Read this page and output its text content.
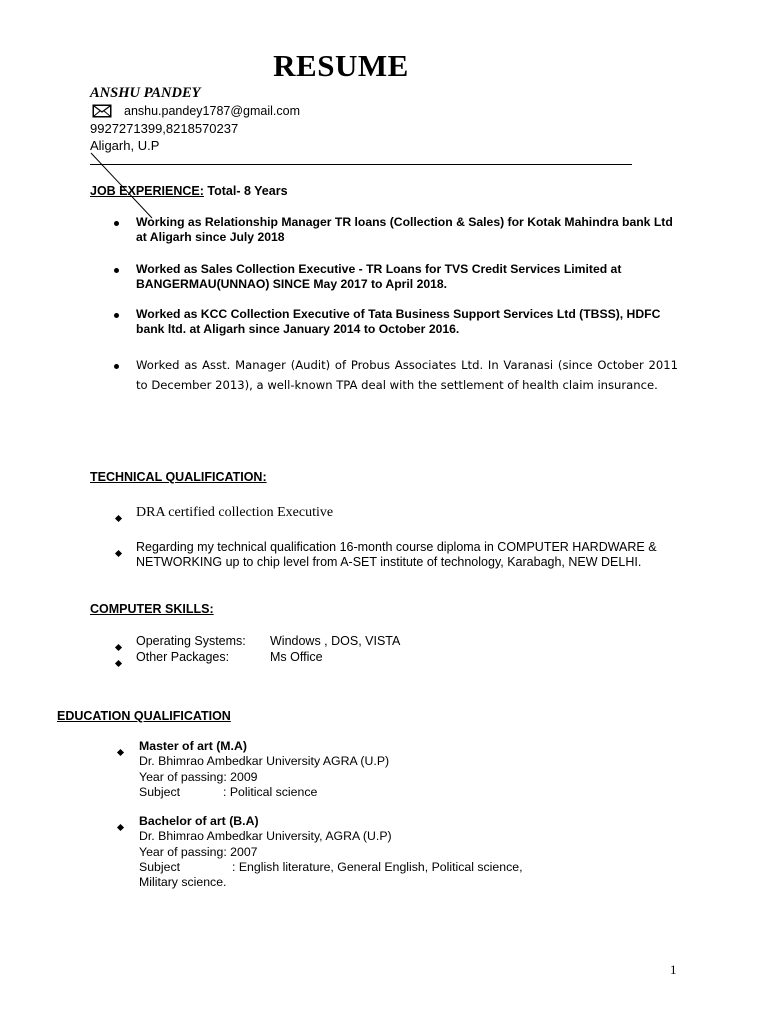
RESUME
ANSHU PANDEY
anshu.pandey1787@gmail.com
9927271399,8218570237
Aligarh, U.P
JOB EXPERIENCE: Total- 8 Years
Working as Relationship Manager TR loans (Collection & Sales) for Kotak Mahindra bank Ltd at Aligarh since July 2018
Worked as Sales Collection Executive - TR Loans for TVS Credit Services Limited at BANGERMAU(UNNAO) SINCE May 2017 to April 2018.
Worked as KCC Collection Executive of Tata Business Support Services Ltd (TBSS), HDFC bank ltd. at Aligarh since January 2014 to October 2016.
Worked as Asst. Manager (Audit) of Probus Associates Ltd. In Varanasi (since October 2011 to December 2013), a well-known TPA deal with the settlement of health claim insurance.
TECHNICAL QUALIFICATION:
DRA certified collection Executive
Regarding my technical qualification 16-month course diploma in COMPUTER HARDWARE & NETWORKING up to chip level from A-SET institute of technology, Karabagh, NEW DELHI.
COMPUTER SKILLS:
Operating Systems:	Windows , DOS, VISTA
Other Packages:	Ms Office
EDUCATION QUALIFICATION
Master of art (M.A)
Dr. Bhimrao Ambedkar University AGRA (U.P)
Year of passing: 2009
Subject	: Political science
Bachelor of art (B.A)
Dr. Bhimrao Ambedkar University, AGRA (U.P)
Year of passing: 2007
Subject	: English literature, General English, Political science,
Military science.
1
